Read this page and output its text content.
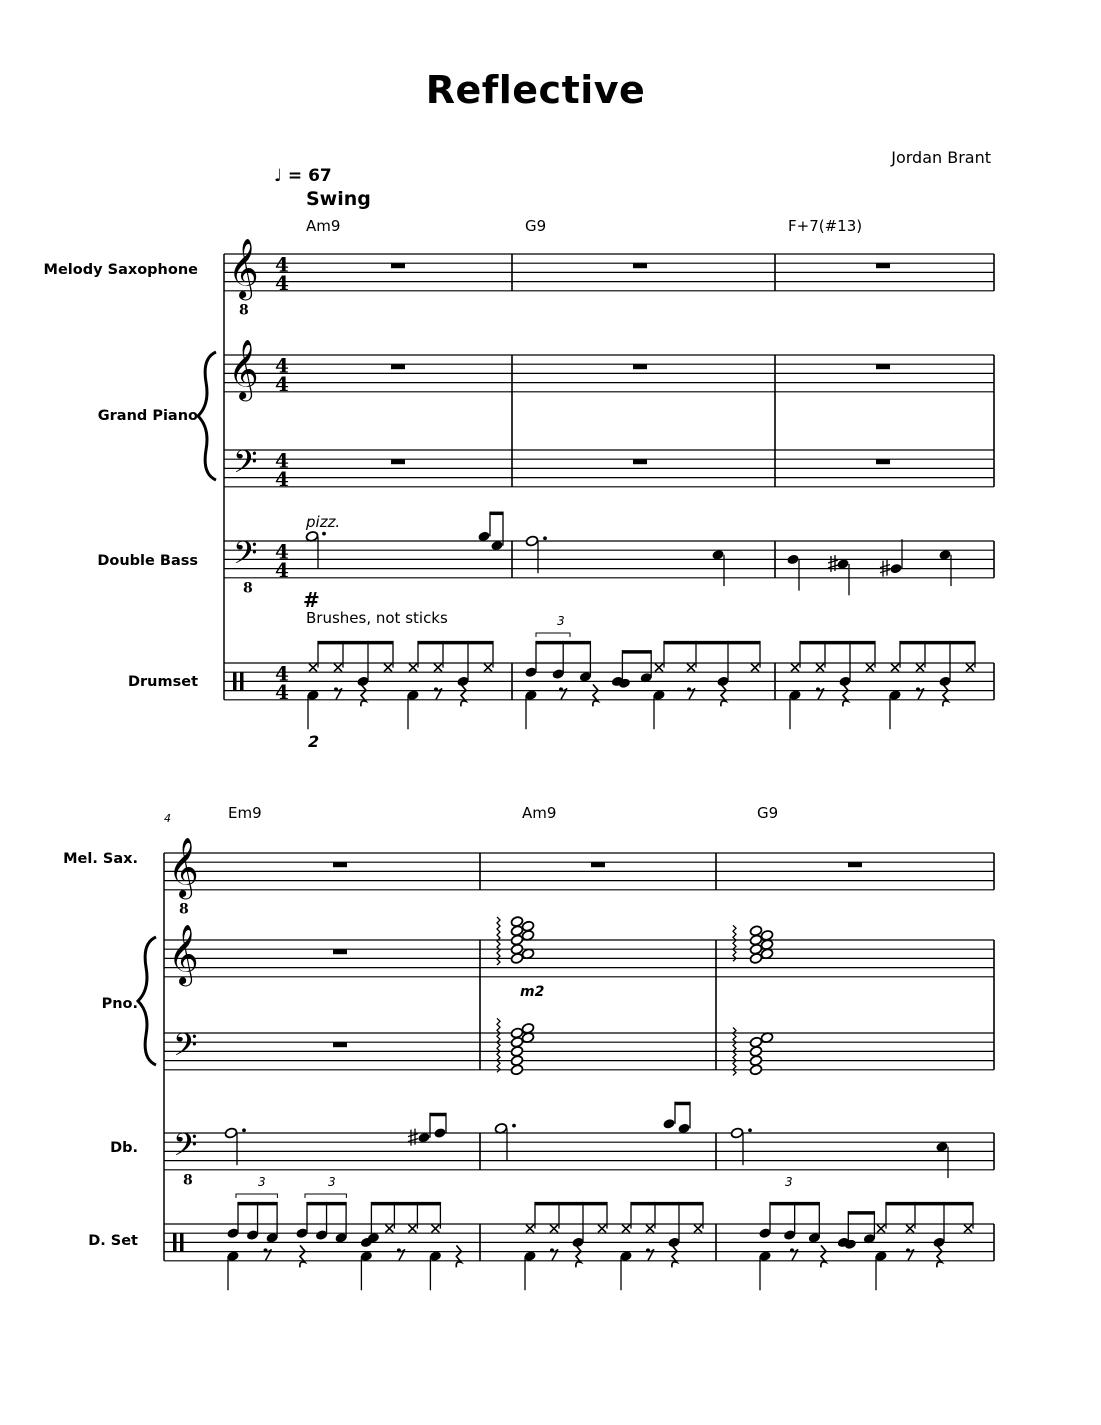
Reflective
Jordan Brant
♩ = 67
Swing
Melody Saxophone
Grand Piano
Double Bass
Drumset
Am9	G9	F+7(#13)
pizz.
#
Brushes, not sticks	3
2
4
Mel. Sax.
Pno.
Db.
D. Set
Em9	Am9	G9
3	3	3
m2
𝄞
8
𝄞
𝄢
𝄢
8
4
4
4
4
4
4
4
4
4
4
𝄞
8
𝄞
𝄢
𝄢
8
